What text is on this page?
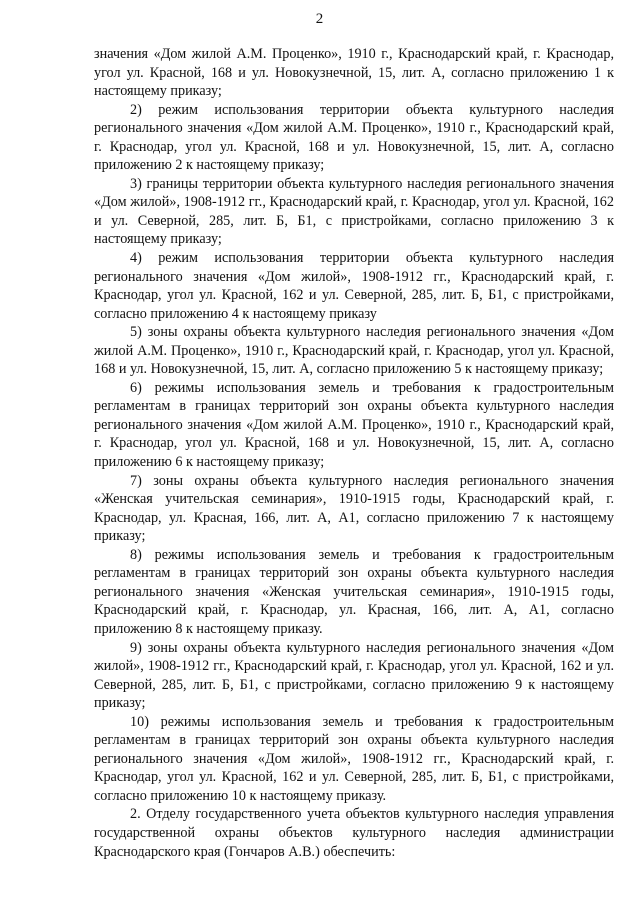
2

значения «Дом жилой А.М. Проценко», 1910 г., Краснодарский край, г. Краснодар, угол ул. Красной, 168 и ул. Новокузнечной, 15, лит. А, согласно приложению 1 к настоящему приказу;

2) режим использования территории объекта культурного наследия регионального значения «Дом жилой А.М. Проценко», 1910 г., Краснодарский край, г. Краснодар, угол ул. Красной, 168 и ул. Новокузнечной, 15, лит. А, согласно приложению 2 к настоящему приказу;

3) границы территории объекта культурного наследия регионального значения «Дом жилой», 1908-1912 гг., Краснодарский край, г. Краснодар, угол ул. Красной, 162 и ул. Северной, 285, лит. Б, Б1, с пристройками, согласно приложению 3 к настоящему приказу;

4) режим использования территории объекта культурного наследия регионального значения «Дом жилой», 1908-1912 гг., Краснодарский край, г. Краснодар, угол ул. Красной, 162 и ул. Северной, 285, лит. Б, Б1, с пристройками, согласно приложению 4 к настоящему приказу

5) зоны охраны объекта культурного наследия регионального значения «Дом жилой А.М. Проценко», 1910 г., Краснодарский край, г. Краснодар, угол ул. Красной, 168 и ул. Новокузнечной, 15, лит. А, согласно приложению 5 к настоящему приказу;

6) режимы использования земель и требования к градостроительным регламентам в границах территорий зон охраны объекта культурного наследия регионального значения «Дом жилой А.М. Проценко», 1910 г., Краснодарский край, г. Краснодар, угол ул. Красной, 168 и ул. Новокузнечной, 15, лит. А, согласно приложению 6 к настоящему приказу;

7) зоны охраны объекта культурного наследия регионального значения «Женская учительская семинария», 1910-1915 годы, Краснодарский край, г. Краснодар, ул. Красная, 166, лит. А, А1, согласно приложению 7 к настоящему приказу;

8) режимы использования земель и требования к градостроительным регламентам в границах территорий зон охраны объекта культурного наследия регионального значения «Женская учительская семинария», 1910-1915 годы, Краснодарский край, г. Краснодар, ул. Красная, 166, лит. А, А1, согласно приложению 8 к настоящему приказу.

9) зоны охраны объекта культурного наследия регионального значения «Дом жилой», 1908-1912 гг., Краснодарский край, г. Краснодар, угол ул. Красной, 162 и ул. Северной, 285, лит. Б, Б1, с пристройками, согласно приложению 9 к настоящему приказу;

10) режимы использования земель и требования к градостроительным регламентам в границах территорий зон охраны объекта культурного наследия регионального значения «Дом жилой», 1908-1912 гг., Краснодарский край, г. Краснодар, угол ул. Красной, 162 и ул. Северной, 285, лит. Б, Б1, с пристройками, согласно приложению 10 к настоящему приказу.

2. Отделу государственного учета объектов культурного наследия управления государственной охраны объектов культурного наследия администрации Краснодарского края (Гончаров А.В.) обеспечить:
